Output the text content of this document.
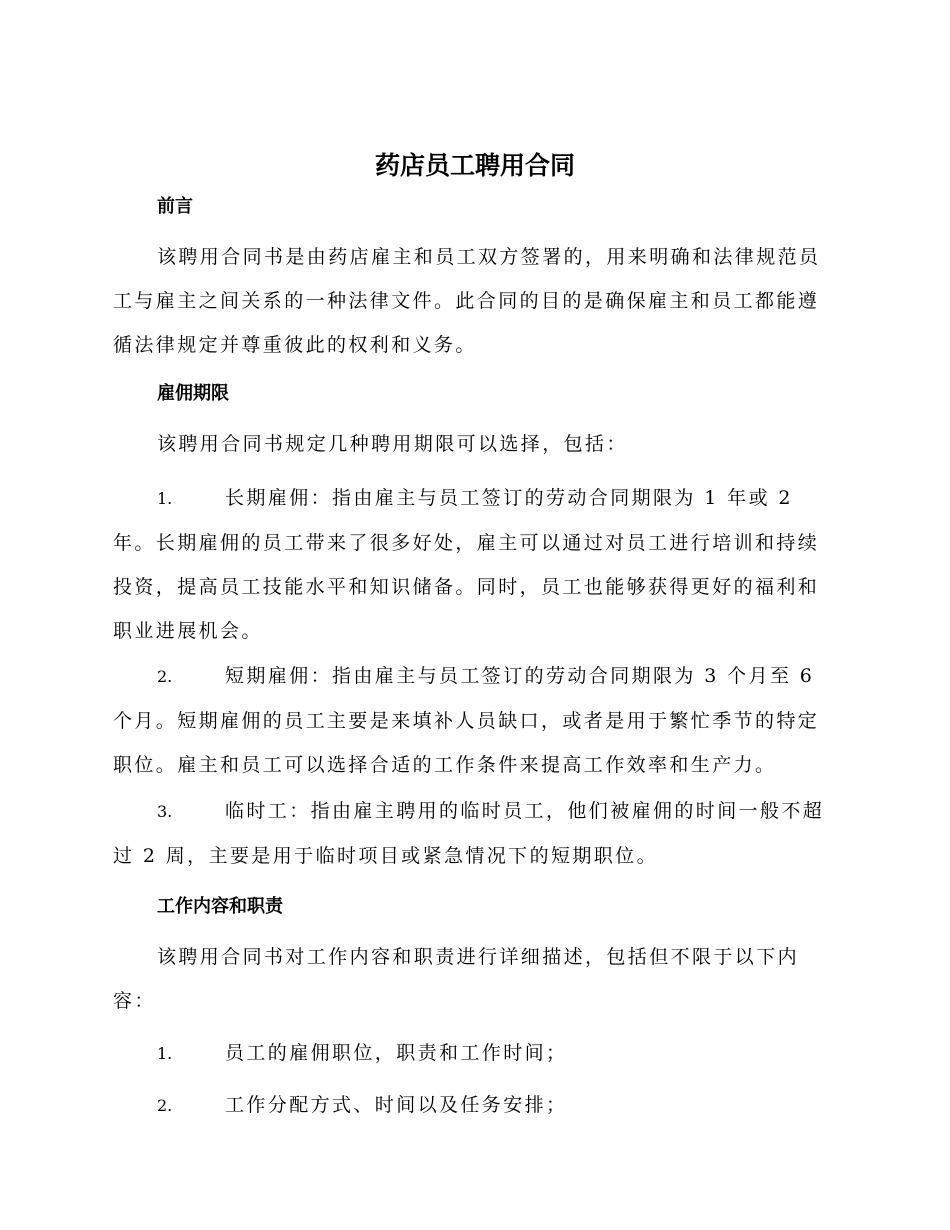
药店员工聘用合同
前言

该聘用合同书是由药店雇主和员工双方签署的，用来明确和法律规范员工与雇主之间关系的一种法律文件。此合同的目的是确保雇主和员工都能遵循法律规定并尊重彼此的权利和义务。

雇佣期限

该聘用合同书规定几种聘用期限可以选择，包括：

1.	长期雇佣：指由雇主与员工签订的劳动合同期限为 1 年或 2 年。长期雇佣的员工带来了很多好处，雇主可以通过对员工进行培训和持续投资，提高员工技能水平和知识储备。同时，员工也能够获得更好的福利和职业进展机会。
2.	短期雇佣：指由雇主与员工签订的劳动合同期限为 3 个月至 6 个月。短期雇佣的员工主要是来填补人员缺口，或者是用于繁忙季节的特定职位。雇主和员工可以选择合适的工作条件来提高工作效率和生产力。
3.	临时工：指由雇主聘用的临时员工，他们被雇佣的时间一般不超过 2 周，主要是用于临时项目或紧急情况下的短期职位。
工作内容和职责

该聘用合同书对工作内容和职责进行详细描述，包括但不限于以下内容：

1.	员工的雇佣职位，职责和工作时间；
2.	工作分配方式、时间以及任务安排；
